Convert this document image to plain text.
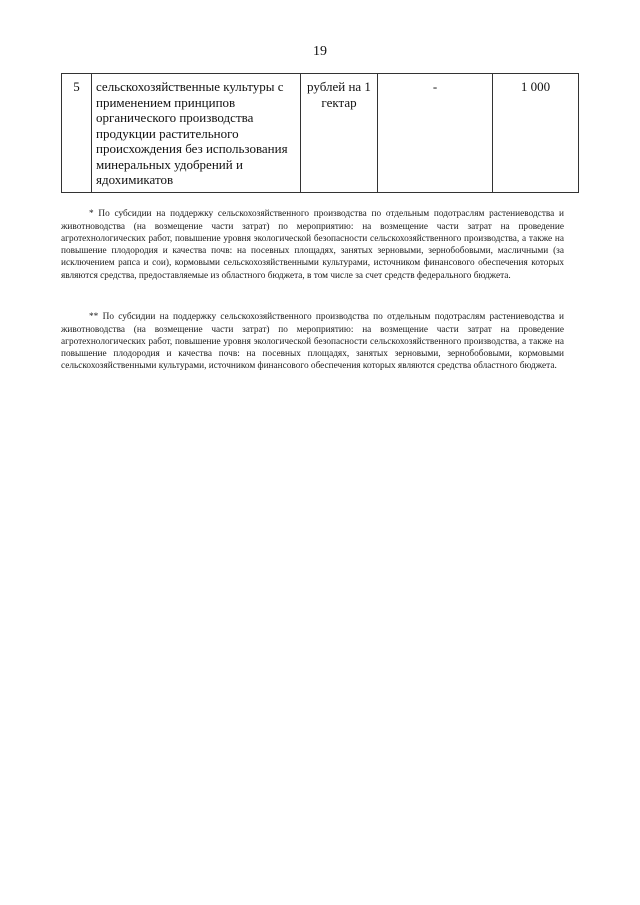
19
5	сельскохозяйственные культуры с применением принципов органического производства продукции растительного происхождения без использования минеральных удобрений и ядохимикатов	рублей на 1 гектар	-	1 000

* По субсидии на поддержку сельскохозяйственного производства по отдельным подотраслям растениеводства и животноводства (на возмещение части затрат) по мероприятию: на возмещение части затрат на проведение агротехнологических работ, повышение уровня экологической безопасности сельскохозяйственного производства, а также на повышение плодородия и качества почв: на посевных площадях, занятых зерновыми, зернобобовыми, масличными (за исключением рапса и сои), кормовыми сельскохозяйственными культурами, источником финансового обеспечения которых являются средства, предоставляемые из областного бюджета, в том числе за счет средств федерального бюджета.

** По субсидии на поддержку сельскохозяйственного производства по отдельным подотраслям растениеводства и животноводства (на возмещение части затрат) по мероприятию: на возмещение части затрат на проведение агротехнологических работ, повышение уровня экологической безопасности сельскохозяйственного производства, а также на повышение плодородия и качества почв: на посевных площадях, занятых зерновыми, зернобобовыми, кормовыми сельскохозяйственными культурами, источником финансового обеспечения которых являются средства областного бюджета.
